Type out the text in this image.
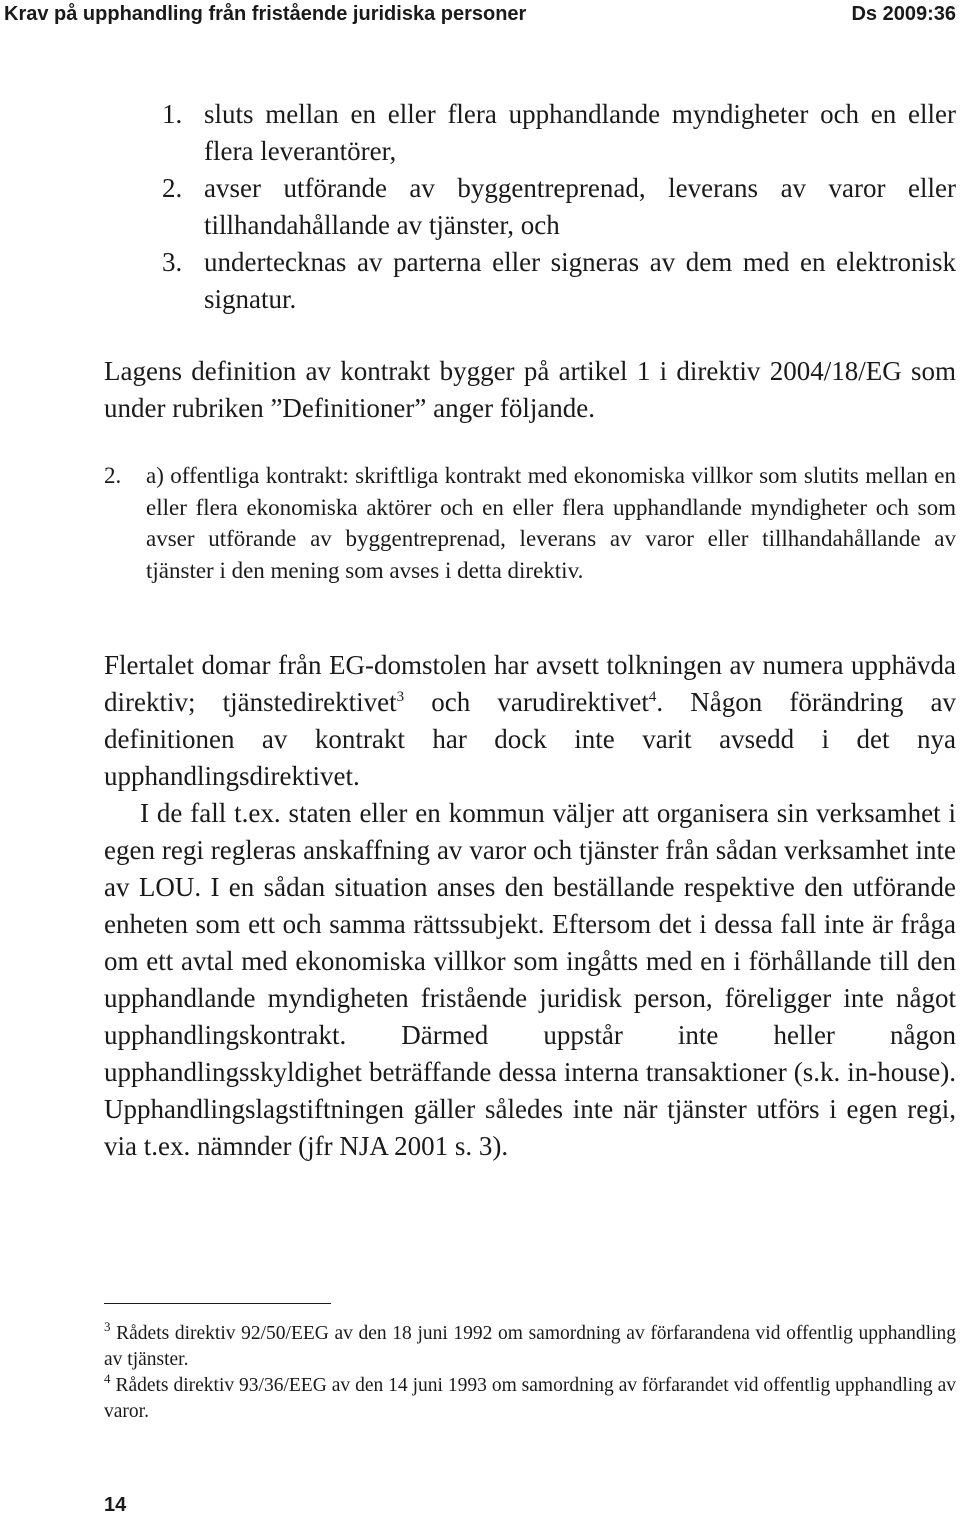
Krav på upphandling från fristående juridiska personer	Ds 2009:36
1. sluts mellan en eller flera upphandlande myndigheter och en eller flera leverantörer,
2. avser utförande av byggentreprenad, leverans av varor eller tillhandahållande av tjänster, och
3. undertecknas av parterna eller signeras av dem med en elektronisk signatur.
Lagens definition av kontrakt bygger på artikel 1 i direktiv 2004/18/EG som under rubriken ”Definitioner” anger följande.
2. a) offentliga kontrakt: skriftliga kontrakt med ekonomiska villkor som slutits mellan en eller flera ekonomiska aktörer och en eller flera upphandlande myndigheter och som avser utförande av byggentreprenad, leverans av varor eller tillhandahållande av tjänster i den mening som avses i detta direktiv.
Flertalet domar från EG-domstolen har avsett tolkningen av numera upphävda direktiv; tjänstedirektivet$^3$ och varudirektivet$^4$. Någon förändring av definitionen av kontrakt har dock inte varit avsedd i det nya upphandlingsdirektivet.
I de fall t.ex. staten eller en kommun väljer att organisera sin verksamhet i egen regi regleras anskaffning av varor och tjänster från sådan verksamhet inte av LOU. I en sådan situation anses den beställande respektive den utförande enheten som ett och samma rättssubjekt. Eftersom det i dessa fall inte är fråga om ett avtal med ekonomiska villkor som ingåtts med en i förhållande till den upphandlande myndigheten fristående juridisk person, föreligger inte något upphandlingskontrakt. Därmed uppstår inte heller någon upphandlingsskyldighet beträffande dessa interna transaktioner (s.k. in-house). Upphandlingslagstiftningen gäller således inte när tjänster utförs i egen regi, via t.ex. nämnder (jfr NJA 2001 s. 3).
$^3$ Rådets direktiv 92/50/EEG av den 18 juni 1992 om samordning av förfarandena vid offentlig upphandling av tjänster.
$^4$ Rådets direktiv 93/36/EEG av den 14 juni 1993 om samordning av förfarandet vid offentlig upphandling av varor.
14
